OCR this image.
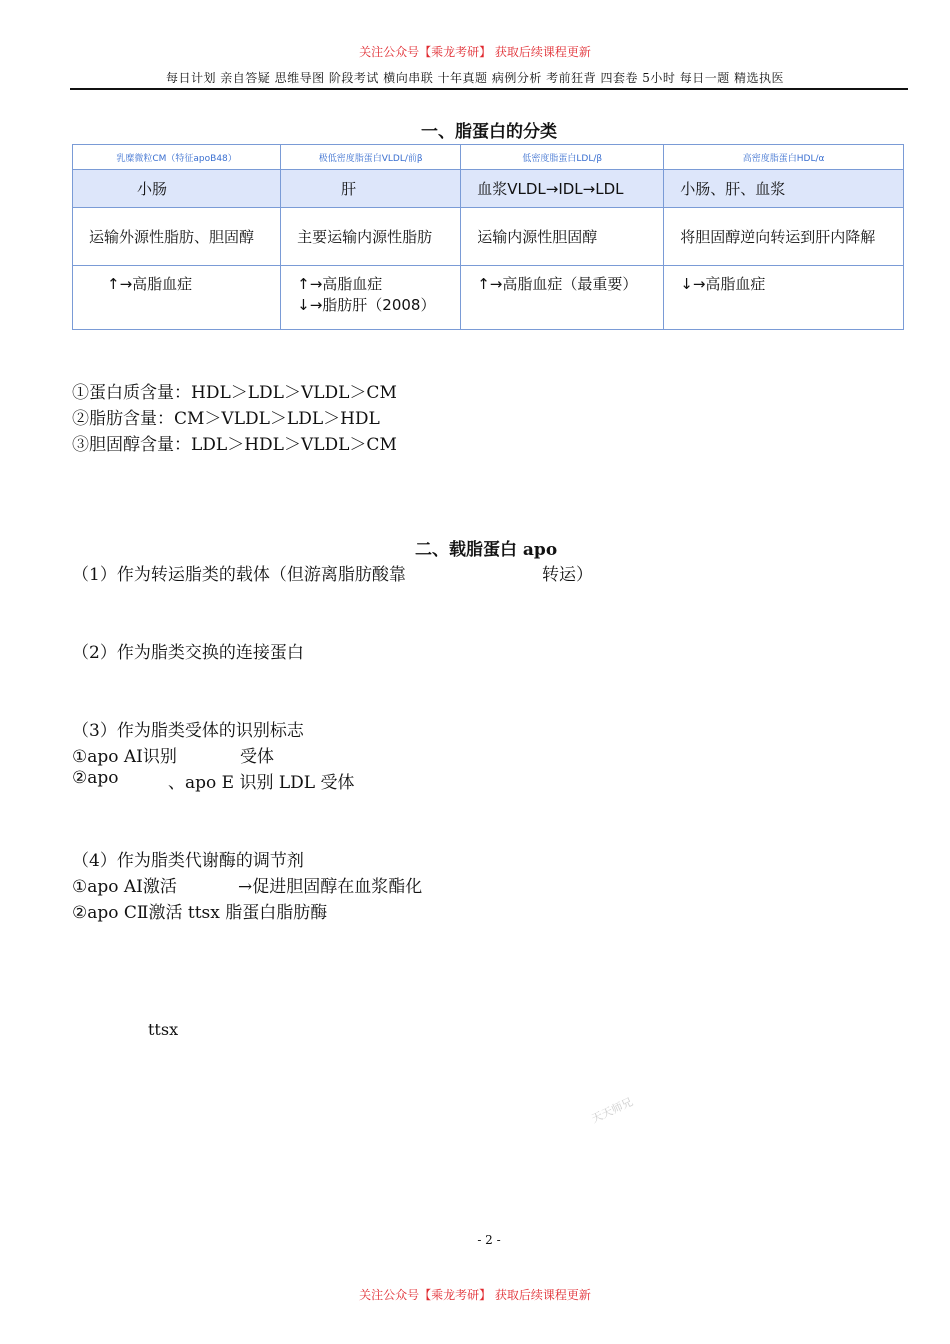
关注公众号【乘龙考研】 获取后续课程更新
每日计划 亲自答疑 思维导图 阶段考试 横向串联 十年真题 病例分析 考前狂背 四套卷 5小时 每日一题 精选执医
一、脂蛋白的分类
乳糜微粒CM（特征apoB48）	极低密度脂蛋白VLDL/前β	低密度脂蛋白LDL/β	高密度脂蛋白HDL/α
小肠	肝	血浆VLDL→IDL→LDL	小肠、肝、血浆
运输外源性脂肪、胆固醇	主要运输内源性脂肪	运输内源性胆固醇	将胆固醇逆向转运到肝内降解
↑→高脂血症	↑→高脂血症
↓→脂肪肝（2008）
	↑→高脂血症（最重要）	↓→高脂血症
①蛋白质含量：HDL＞LDL＞VLDL＞CM
②脂肪含量：CM＞VLDL＞LDL＞HDL
③胆固醇含量：LDL＞HDL＞VLDL＞CM
二、载脂蛋白 apo
（1）作为转运脂类的载体（但游离脂肪酸靠	转运）
（2）作为脂类交换的连接蛋白
（3）作为脂类受体的识别标志
①apo AⅠ识别	受体
②apo	、apo E 识别 LDL 受体
（4）作为脂类代谢酶的调节剂
①apo AⅠ激活	→促进胆固醇在血浆酯化
②apo CⅡ激活 ttsx 脂蛋白脂肪酶
ttsx
天天师兄
- 2 -
关注公众号【乘龙考研】 获取后续课程更新
